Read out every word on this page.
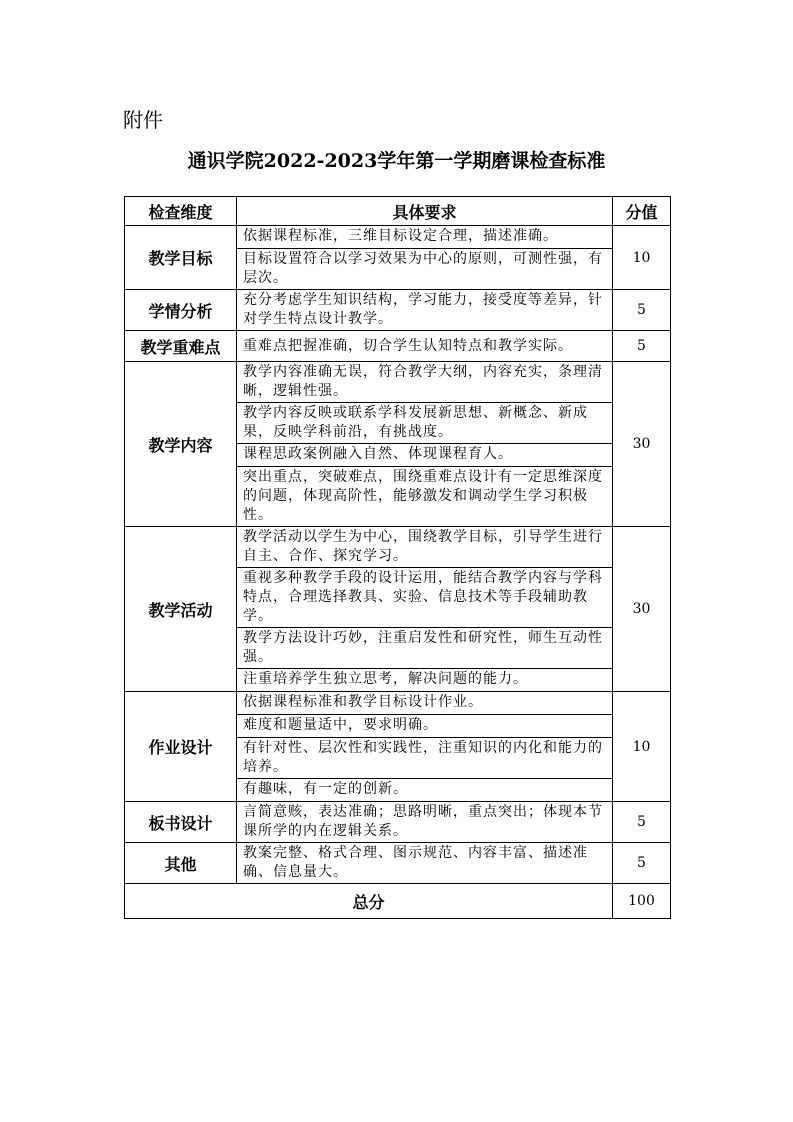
附件
通识学院2022-2023学年第一学期磨课检查标准
检查维度	具体要求	分值
教学目标	依据课程标准，三维目标设定合理，描述准确。	10
	目标设置符合以学习效果为中心的原则，可测性强，有层次。	
学情分析	充分考虑学生知识结构，学习能力，接受度等差异，针对学生特点设计教学。	5
教学重难点	重难点把握准确，切合学生认知特点和教学实际。	5
教学内容	教学内容准确无误，符合教学大纲，内容充实，条理清晰，逻辑性强。	30
	教学内容反映或联系学科发展新思想、新概念、新成果，反映学科前沿，有挑战度。	
	课程思政案例融入自然、体现课程育人。	
	突出重点，突破难点，围绕重难点设计有一定思维深度的问题，体现高阶性，能够激发和调动学生学习积极性。	
教学活动	教学活动以学生为中心，围绕教学目标，引导学生进行自主、合作、探究学习。	30
	重视多种教学手段的设计运用，能结合教学内容与学科特点，合理选择教具、实验、信息技术等手段辅助教学。	
	教学方法设计巧妙，注重启发性和研究性，师生互动性强。	
	注重培养学生独立思考，解决问题的能力。	
作业设计	依据课程标准和教学目标设计作业。	10
	难度和题量适中，要求明确。	
	有针对性、层次性和实践性，注重知识的内化和能力的培养。	
	有趣味，有一定的创新。	
板书设计	言简意赅，表达准确；思路明晰，重点突出；体现本节课所学的内在逻辑关系。	5
其他	教案完整、格式合理、图示规范、内容丰富、描述准确、信息量大。	5
总分		100
